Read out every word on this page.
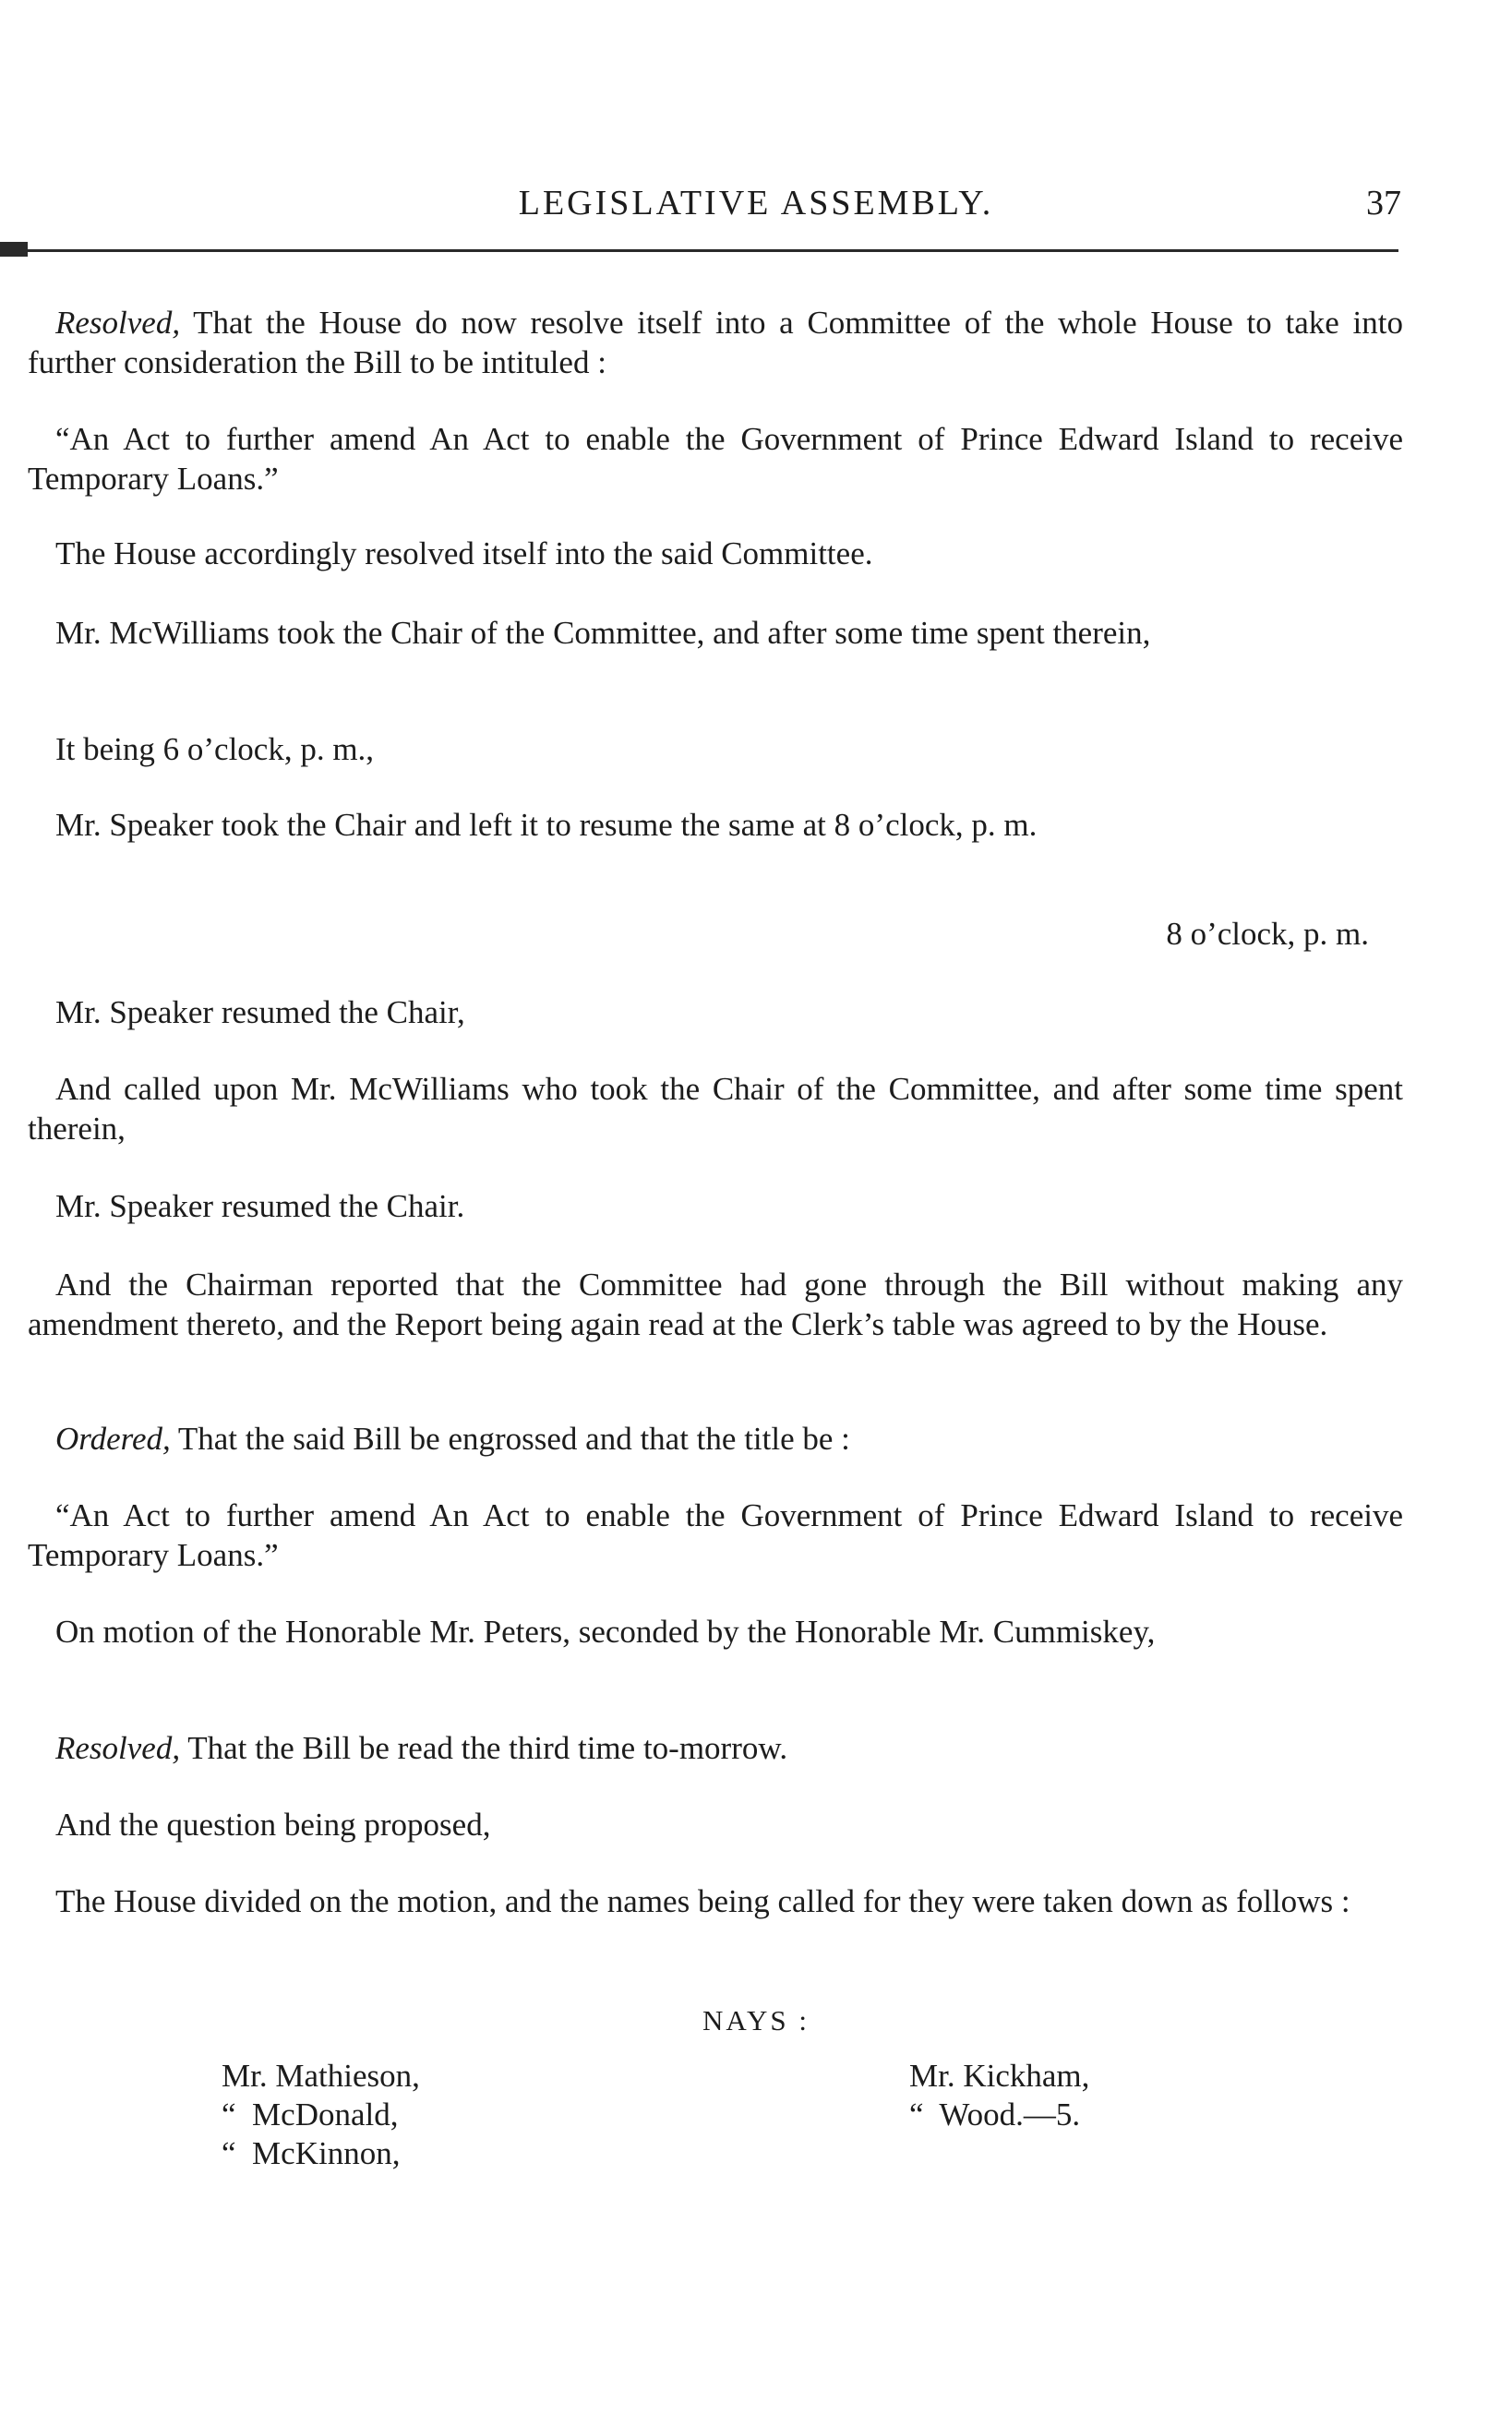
LEGISLATIVE ASSEMBLY.	37

Resolved, That the House do now resolve itself into a Committee of the whole House to take into further consideration the Bill to be intituled :

“An Act to further amend An Act to enable the Government of Prince Edward Island to receive Temporary Loans.”

The House accordingly resolved itself into the said Committee.

Mr. McWilliams took the Chair of the Committee, and after some time spent therein,

It being 6 o’clock, p. m.,

Mr. Speaker took the Chair and left it to resume the same at 8 o’clock, p. m.

8 o’clock, p. m.

Mr. Speaker resumed the Chair,

And called upon Mr. McWilliams who took the Chair of the Committee, and after some time spent therein,

Mr. Speaker resumed the Chair.

And the Chairman reported that the Committee had gone through the Bill without making any amendment thereto, and the Report being again read at the Clerk’s table was agreed to by the House.

Ordered, That the said Bill be engrossed and that the title be :

“An Act to further amend An Act to enable the Government of Prince Edward Island to receive Temporary Loans.”

On motion of the Honorable Mr. Peters, seconded by the Honorable Mr. Cummiskey,

Resolved, That the Bill be read the third time to-morrow.

And the question being proposed,

The House divided on the motion, and the names being called for they were taken down as follows :

NAYS :
Mr. Mathieson,
“  McDonald,
“  McKinnon,
Mr. Kickham,
“  Wood.—5.
